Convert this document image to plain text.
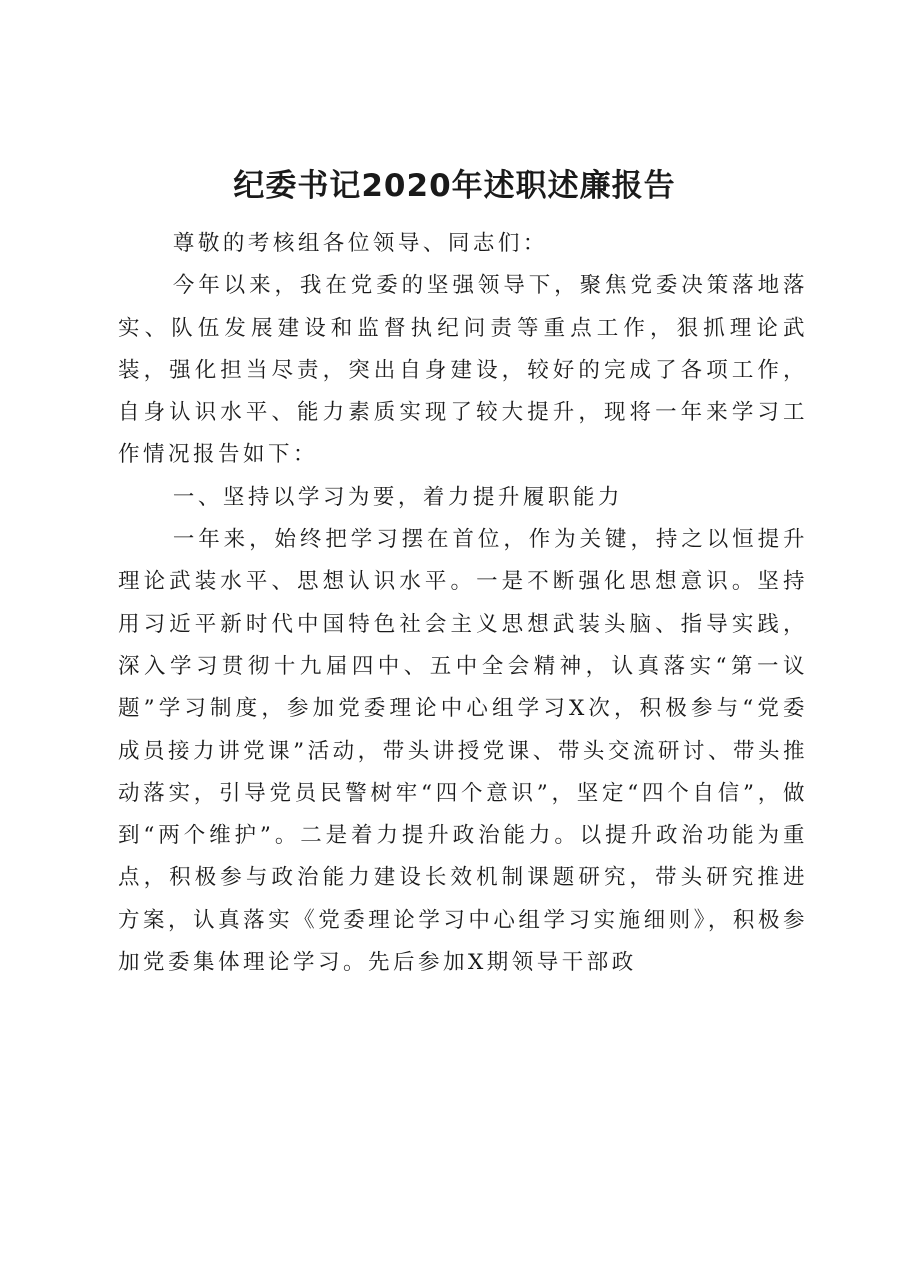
纪委书记2020年述职述廉报告

尊敬的考核组各位领导、同志们：

今年以来，我在党委的坚强领导下，聚焦党委决策落地落实、队伍发展建设和监督执纪问责等重点工作，狠抓理论武装，强化担当尽责，突出自身建设，较好的完成了各项工作，自身认识水平、能力素质实现了较大提升，现将一年来学习工作情况报告如下：

一、坚持以学习为要，着力提升履职能力

一年来，始终把学习摆在首位，作为关键，持之以恒提升理论武装水平、思想认识水平。一是不断强化思想意识。坚持用习近平新时代中国特色社会主义思想武装头脑、指导实践，深入学习贯彻十九届四中、五中全会精神，认真落实“第一议题”学习制度，参加党委理论中心组学习X次，积极参与“党委成员接力讲党课”活动，带头讲授党课、带头交流研讨、带头推动落实，引导党员民警树牢“四个意识”，坚定“四个自信”，做到“两个维护”。二是着力提升政治能力。以提升政治功能为重点，积极参与政治能力建设长效机制课题研究，带头研究推进方案，认真落实《党委理论学习中心组学习实施细则》，积极参加党委集体理论学习。先后参加X期领导干部政
